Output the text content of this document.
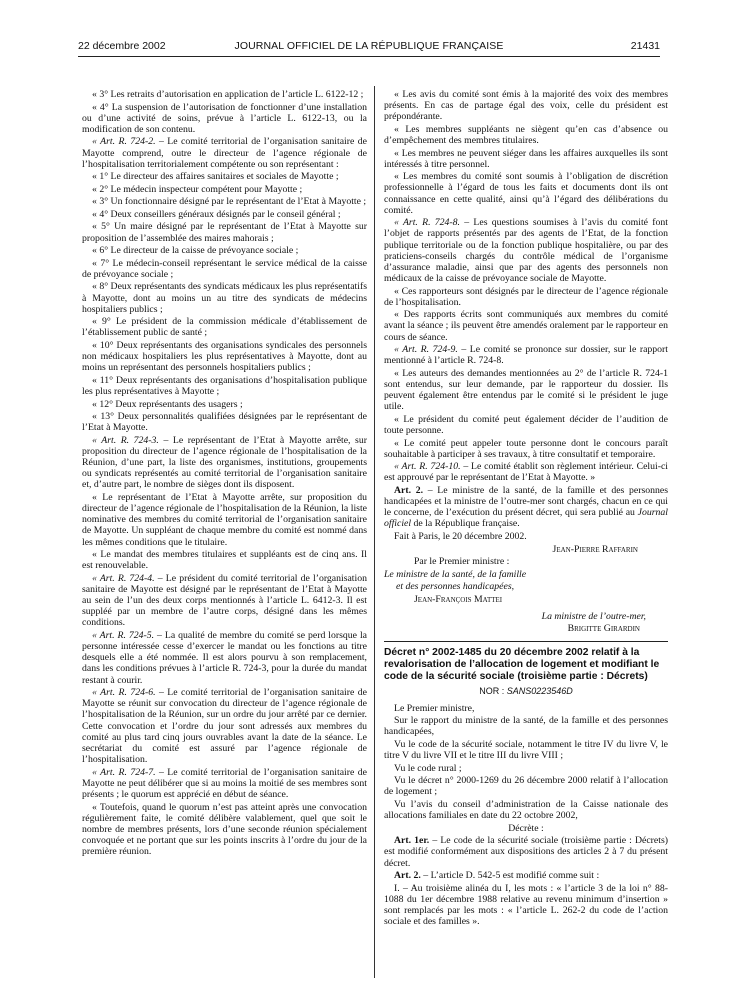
22 décembre 2002	JOURNAL OFFICIEL DE LA RÉPUBLIQUE FRANÇAISE	21431

« 3° Les retraits d’autorisation en application de l’article L. 6122-12 ;

« 4° La suspension de l’autorisation de fonctionner d’une installation ou d’une activité de soins, prévue à l’article L. 6122-13, ou la modification de son contenu.

« Art. R. 724-2. – Le comité territorial de l’organisation sanitaire de Mayotte comprend, outre le directeur de l’agence régionale de l’hospitalisation territorialement compétente ou son représentant :

« 1° Le directeur des affaires sanitaires et sociales de Mayotte ;

« 2° Le médecin inspecteur compétent pour Mayotte ;

« 3° Un fonctionnaire désigné par le représentant de l’Etat à Mayotte ;

« 4° Deux conseillers généraux désignés par le conseil général ;

« 5° Un maire désigné par le représentant de l’Etat à Mayotte sur proposition de l’assemblée des maires mahorais ;

« 6° Le directeur de la caisse de prévoyance sociale ;

« 7° Le médecin-conseil représentant le service médical de la caisse de prévoyance sociale ;

« 8° Deux représentants des syndicats médicaux les plus représentatifs à Mayotte, dont au moins un au titre des syndicats de médecins hospitaliers publics ;

« 9° Le président de la commission médicale d’établissement de l’établissement public de santé ;

« 10° Deux représentants des organisations syndicales des personnels non médicaux hospitaliers les plus représentatives à Mayotte, dont au moins un représentant des personnels hospitaliers publics ;

« 11° Deux représentants des organisations d’hospitalisation publique les plus représentatives à Mayotte ;

« 12° Deux représentants des usagers ;

« 13° Deux personnalités qualifiées désignées par le représentant de l’Etat à Mayotte.

« Art. R. 724-3. – Le représentant de l’Etat à Mayotte arrête, sur proposition du directeur de l’agence régionale de l’hospitalisation de la Réunion, d’une part, la liste des organismes, institutions, groupements ou syndicats représentés au comité territorial de l’organisation sanitaire et, d’autre part, le nombre de sièges dont ils disposent.

« Le représentant de l’Etat à Mayotte arrête, sur proposition du directeur de l’agence régionale de l’hospitalisation de la Réunion, la liste nominative des membres du comité territorial de l’organisation sanitaire de Mayotte. Un suppléant de chaque membre du comité est nommé dans les mêmes conditions que le titulaire.

« Le mandat des membres titulaires et suppléants est de cinq ans. Il est renouvelable.

« Art. R. 724-4. – Le président du comité territorial de l’organisation sanitaire de Mayotte est désigné par le représentant de l’Etat à Mayotte au sein de l’un des deux corps mentionnés à l’article L. 6412-3. Il est suppléé par un membre de l’autre corps, désigné dans les mêmes conditions.

« Art. R. 724-5. – La qualité de membre du comité se perd lorsque la personne intéressée cesse d’exercer le mandat ou les fonctions au titre desquels elle a été nommée. Il est alors pourvu à son remplacement, dans les conditions prévues à l’article R. 724-3, pour la durée du mandat restant à courir.

« Art. R. 724-6. – Le comité territorial de l’organisation sanitaire de Mayotte se réunit sur convocation du directeur de l’agence régionale de l’hospitalisation de la Réunion, sur un ordre du jour arrêté par ce dernier. Cette convocation et l’ordre du jour sont adressés aux membres du comité au plus tard cinq jours ouvrables avant la date de la séance. Le secrétariat du comité est assuré par l’agence régionale de l’hospitalisation.

« Art. R. 724-7. – Le comité territorial de l’organisation sanitaire de Mayotte ne peut délibérer que si au moins la moitié de ses membres sont présents ; le quorum est apprécié en début de séance.

« Toutefois, quand le quorum n’est pas atteint après une convocation régulièrement faite, le comité délibère valablement, quel que soit le nombre de membres présents, lors d’une seconde réunion spécialement convoquée et ne portant que sur les points inscrits à l’ordre du jour de la première réunion.

« Les avis du comité sont émis à la majorité des voix des membres présents. En cas de partage égal des voix, celle du président est prépondérante.

« Les membres suppléants ne siègent qu’en cas d’absence ou d’empêchement des membres titulaires.

« Les membres ne peuvent siéger dans les affaires auxquelles ils sont intéressés à titre personnel.

« Les membres du comité sont soumis à l’obligation de discrétion professionnelle à l’égard de tous les faits et documents dont ils ont connaissance en cette qualité, ainsi qu’à l’égard des délibérations du comité.

« Art. R. 724-8. – Les questions soumises à l’avis du comité font l’objet de rapports présentés par des agents de l’Etat, de la fonction publique territoriale ou de la fonction publique hospitalière, ou par des praticiens-conseils chargés du contrôle médical de l’organisme d’assurance maladie, ainsi que par des agents des personnels non médicaux de la caisse de prévoyance sociale de Mayotte.

« Ces rapporteurs sont désignés par le directeur de l’agence régionale de l’hospitalisation.

« Des rapports écrits sont communiqués aux membres du comité avant la séance ; ils peuvent être amendés oralement par le rapporteur en cours de séance.

« Art. R. 724-9. – Le comité se prononce sur dossier, sur le rapport mentionné à l’article R. 724-8.

« Les auteurs des demandes mentionnées au 2° de l’article R. 724-1 sont entendus, sur leur demande, par le rapporteur du dossier. Ils peuvent également être entendus par le comité si le président le juge utile.

« Le président du comité peut également décider de l’audition de toute personne.

« Le comité peut appeler toute personne dont le concours paraît souhaitable à participer à ses travaux, à titre consultatif et temporaire.

« Art. R. 724-10. – Le comité établit son règlement intérieur. Celui-ci est approuvé par le représentant de l’Etat à Mayotte. »

Art. 2. – Le ministre de la santé, de la famille et des personnes handicapées et la ministre de l’outre-mer sont chargés, chacun en ce qui le concerne, de l’exécution du présent décret, qui sera publié au Journal officiel de la République française.

Fait à Paris, le 20 décembre 2002.

Jean-Pierre Raffarin

Par le Premier ministre :

Le ministre de la santé, de la famille

et des personnes handicapées,

Jean-François Mattei

La ministre de l’outre-mer,

Brigitte Girardin

Décret n° 2002-1485 du 20 décembre 2002 relatif à la revalorisation de l’allocation de logement et modifiant le code de la sécurité sociale (troisième partie : Décrets)

NOR : SANS0223546D

Le Premier ministre,

Sur le rapport du ministre de la santé, de la famille et des personnes handicapées,

Vu le code de la sécurité sociale, notamment le titre IV du livre V, le titre V du livre VII et le titre III du livre VIII ;

Vu le code rural ;

Vu le décret n° 2000-1269 du 26 décembre 2000 relatif à l’allocation de logement ;

Vu l’avis du conseil d’administration de la Caisse nationale des allocations familiales en date du 22 octobre 2002,

Décrète :

Art. 1er. – Le code de la sécurité sociale (troisième partie : Décrets) est modifié conformément aux dispositions des articles 2 à 7 du présent décret.

Art. 2. – L’article D. 542-5 est modifié comme suit :

I. – Au troisième alinéa du I, les mots : « l’article 3 de la loi n° 88-1088 du 1er décembre 1988 relative au revenu minimum d’insertion » sont remplacés par les mots : « l’article L. 262-2 du code de l’action sociale et des familles ».
